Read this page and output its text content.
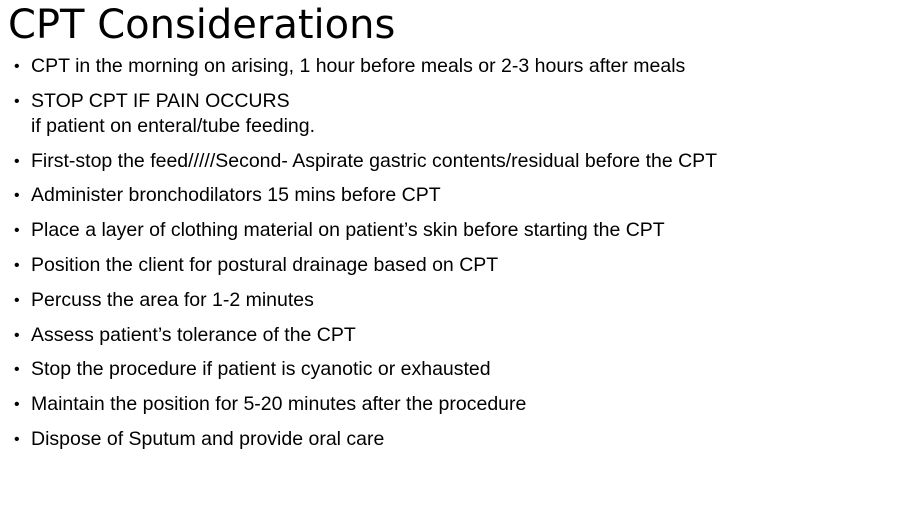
CPT Considerations
• CPT in the morning on arising, 1 hour before meals or 2-3 hours after meals
• STOP CPT IF PAIN OCCURS
if patient on enteral/tube feeding.
• First-stop the feed/////Second- Aspirate gastric contents/residual before the CPT
• Administer bronchodilators 15 mins before CPT
• Place a layer of clothing material on patient’s skin before starting the CPT
• Position the client for postural drainage based on CPT
• Percuss the area for 1-2 minutes
• Assess patient’s tolerance of the CPT
• Stop the procedure if patient is cyanotic or exhausted
• Maintain the position for 5-20 minutes after the procedure
• Dispose of Sputum and provide oral care
